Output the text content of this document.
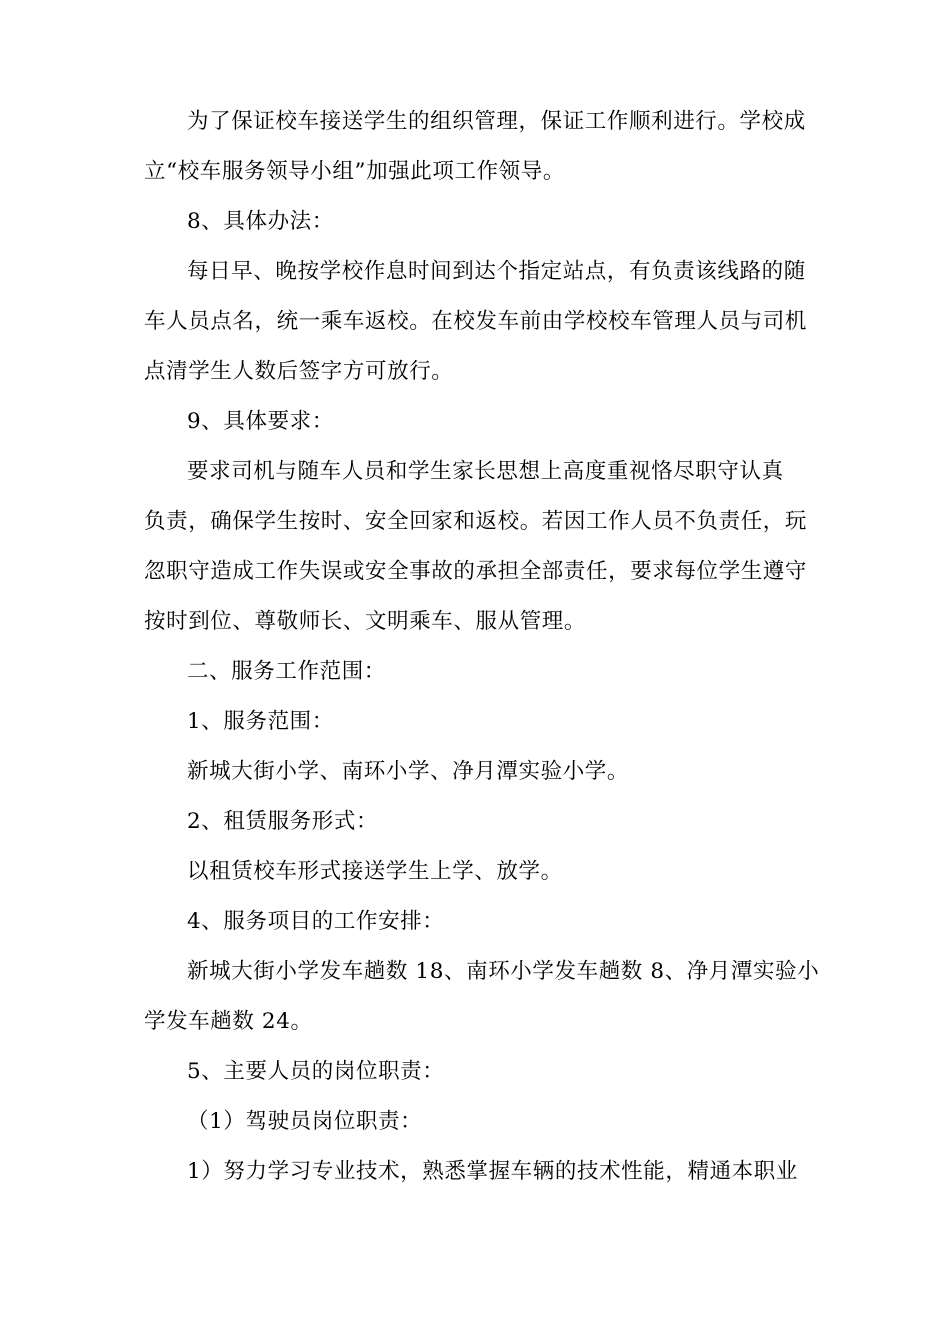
为了保证校车接送学生的组织管理，保证工作顺利进行。学校成
立“校车服务领导小组”加强此项工作领导。
8、具体办法：
每日早、晚按学校作息时间到达个指定站点，有负责该线路的随
车人员点名，统一乘车返校。在校发车前由学校校车管理人员与司机
点清学生人数后签字方可放行。
9、具体要求：
要求司机与随车人员和学生家长思想上高度重视恪尽职守认真
负责，确保学生按时、安全回家和返校。若因工作人员不负责任，玩
忽职守造成工作失误或安全事故的承担全部责任，要求每位学生遵守
按时到位、尊敬师长、文明乘车、服从管理。
二、服务工作范围：
1、服务范围：
新城大街小学、南环小学、净月潭实验小学。
2、租赁服务形式：
以租赁校车形式接送学生上学、放学。
4、服务项目的工作安排：
新城大街小学发车趟数 18、南环小学发车趟数 8、净月潭实验小
学发车趟数 24。
5、主要人员的岗位职责：
（1）驾驶员岗位职责：
1）努力学习专业技术，熟悉掌握车辆的技术性能，精通本职业
